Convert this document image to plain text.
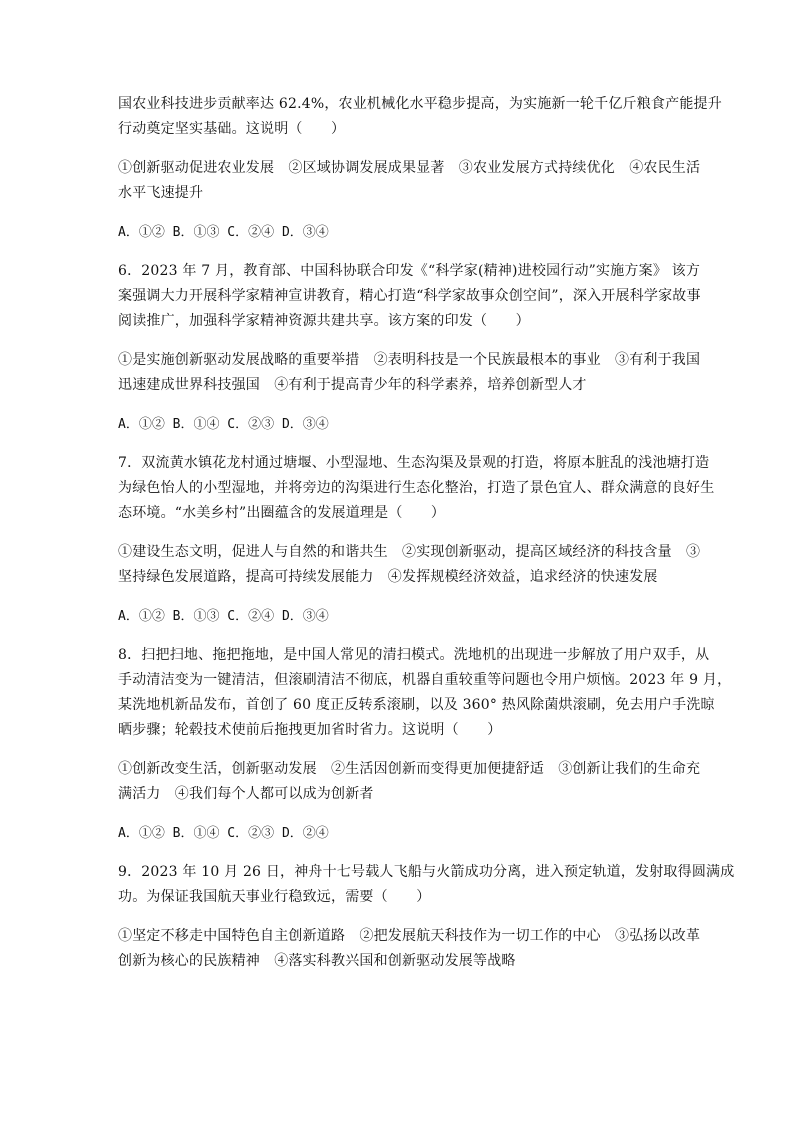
国农业科技进步贡献率达 62.4%，农业机械化水平稳步提高，为实施新一轮千亿斤粮食产能提升
行动奠定坚实基础。这说明（　　）
①创新驱动促进农业发展　②区域协调发展成果显著　③农业发展方式持续优化　④农民生活
水平飞速提升
A．①② B．①③ C．②④ D．③④
6．2023 年 7 月，教育部、中国科协联合印发《“科学家(精神)进校园行动”实施方案》 该方
案强调大力开展科学家精神宣讲教育，精心打造“科学家故事众创空间”，深入开展科学家故事
阅读推广，加强科学家精神资源共建共享。该方案的印发（　　）
①是实施创新驱动发展战略的重要举措　②表明科技是一个民族最根本的事业　③有利于我国
迅速建成世界科技强国　④有利于提高青少年的科学素养，培养创新型人才
A．①② B．①④ C．②③ D．③④
7．双流黄水镇花龙村通过塘堰、小型湿地、生态沟渠及景观的打造，将原本脏乱的浅池塘打造
为绿色怡人的小型湿地，并将旁边的沟渠进行生态化整治，打造了景色宜人、群众满意的良好生
态环境。“水美乡村”出圈蕴含的发展道理是（　　）
①建设生态文明，促进人与自然的和谐共生　②实现创新驱动，提高区域经济的科技含量　③
坚持绿色发展道路，提高可持续发展能力　④发挥规模经济效益，追求经济的快速发展
A．①② B．①③ C．②④ D．③④
8．扫把扫地、拖把拖地，是中国人常见的清扫模式。洗地机的出现进一步解放了用户双手，从
手动清洁变为一键清洁，但滚刷清洁不彻底，机器自重较重等问题也令用户烦恼。2023 年 9 月，
某洗地机新品发布，首创了 60 度正反转系滚刷，以及 360° 热风除菌烘滚刷，免去用户手洗晾
晒步骤；轮毂技术使前后拖拽更加省时省力。这说明（　　）
①创新改变生活，创新驱动发展　②生活因创新而变得更加便捷舒适　③创新让我们的生命充
满活力　④我们每个人都可以成为创新者
A．①② B．①④ C．②③ D．②④
9．2023 年 10 月 26 日，神舟十七号载人飞船与火箭成功分离，进入预定轨道，发射取得圆满成
功。为保证我国航天事业行稳致远，需要（　　）
①坚定不移走中国特色自主创新道路　②把发展航天科技作为一切工作的中心　③弘扬以改革
创新为核心的民族精神　④落实科教兴国和创新驱动发展等战略
